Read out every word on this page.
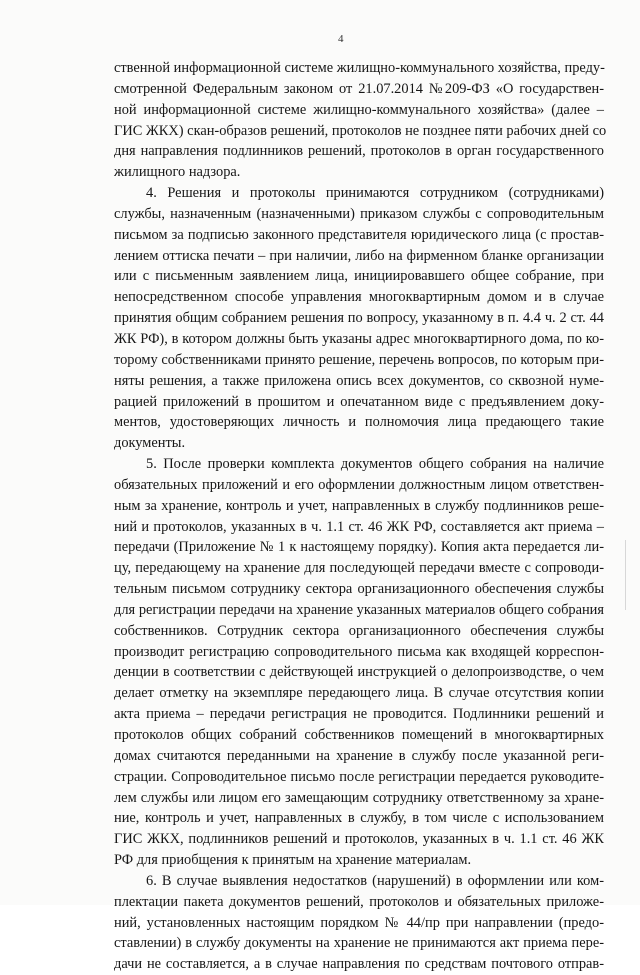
4
ственной информационной системе жилищно-коммунального хозяйства, преду-
смотренной Федеральным законом от 21.07.2014 №209-ФЗ «О государствен-
ной информационной системе жилищно-коммунального хозяйства» (далее –
ГИС ЖКХ) скан-образов решений, протоколов не позднее пяти рабочих дней со
дня направления подлинников решений, протоколов в орган государственного
жилищного надзора.
4. Решения и протоколы принимаются сотрудником (сотрудниками)
службы, назначенным (назначенными) приказом службы с сопроводительным
письмом за подписью законного представителя юридического лица (с простав-
лением оттиска печати – при наличии, либо на фирменном бланке организации
или с письменным заявлением лица, инициировавшего общее собрание, при
непосредственном способе управления многоквартирным домом и в случае
принятия общим собранием решения по вопросу, указанному в п. 4.4 ч. 2 ст. 44
ЖК РФ), в котором должны быть указаны адрес многоквартирного дома, по ко-
торому собственниками принято решение, перечень вопросов, по которым при-
няты решения, а также приложена опись всех документов, со сквозной нуме-
рацией приложений в прошитом и опечатанном виде с предъявлением доку-
ментов, удостоверяющих личность и полномочия лица предающего такие
документы.
5. После проверки комплекта документов общего собрания на наличие
обязательных приложений и его оформлении должностным лицом ответствен-
ным за хранение, контроль и учет, направленных в службу подлинников реше-
ний и протоколов, указанных в ч. 1.1 ст. 46 ЖК РФ, составляется акт приема –
передачи (Приложение № 1 к настоящему порядку). Копия акта передается ли-
цу, передающему на хранение для последующей передачи вместе с сопроводи-
тельным письмом сотруднику сектора организационного обеспечения службы
для регистрации передачи на хранение указанных материалов общего собрания
собственников. Сотрудник сектора организационного обеспечения службы
производит регистрацию сопроводительного письма как входящей корреспон-
денции в соответствии с действующей инструкцией о делопроизводстве, о чем
делает отметку на экземпляре передающего лица. В случае отсутствия копии
акта приема – передачи регистрация не проводится. Подлинники решений и
протоколов общих собраний собственников помещений в многоквартирных
домах считаются переданными на хранение в службу после указанной реги-
страции. Сопроводительное письмо после регистрации передается руководите-
лем службы или лицом его замещающим сотруднику ответственному за хране-
ние, контроль и учет, направленных в службу, в том числе с использованием
ГИС ЖКХ, подлинников решений и протоколов, указанных в ч. 1.1 ст. 46 ЖК
РФ для приобщения к принятым на хранение материалам.
6. В случае выявления недостатков (нарушений) в оформлении или ком-
плектации пакета документов решений, протоколов и обязательных приложе-
ний, установленных настоящим порядком № 44/пр при направлении (предо-
ставлении) в службу документы на хранение не принимаются акт приема пере-
дачи не составляется, а в случае направления по средствам почтового отправ-
